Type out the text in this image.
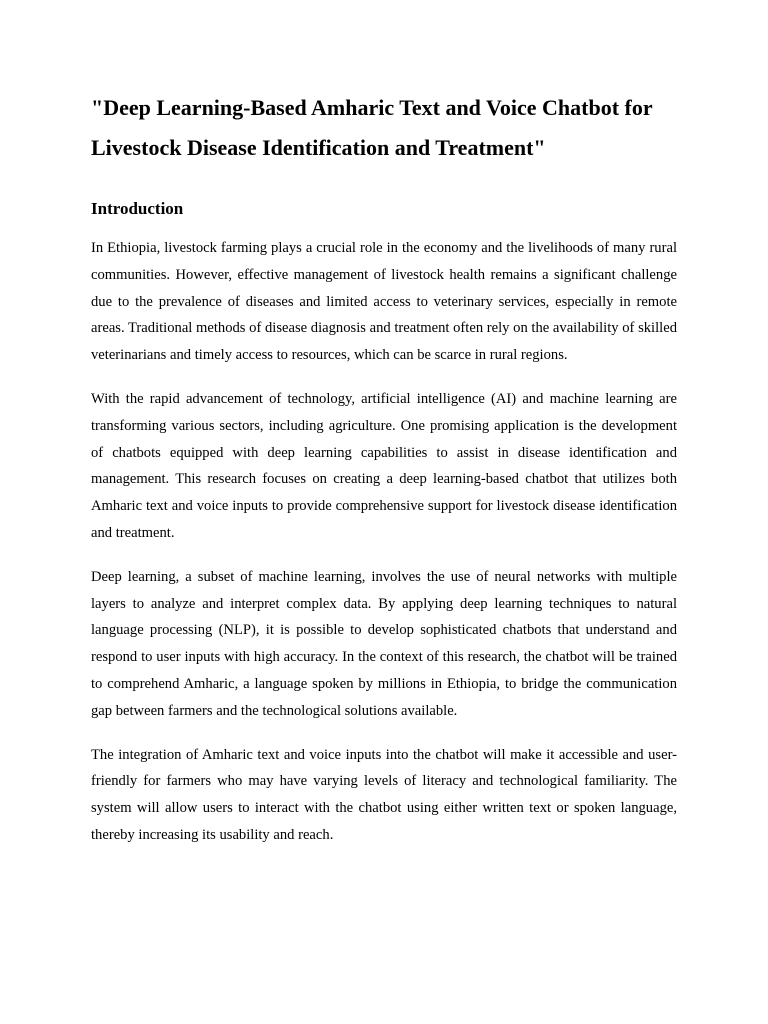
"Deep Learning-Based Amharic Text and Voice Chatbot for Livestock Disease Identification and Treatment"
Introduction

In Ethiopia, livestock farming plays a crucial role in the economy and the livelihoods of many rural communities. However, effective management of livestock health remains a significant challenge due to the prevalence of diseases and limited access to veterinary services, especially in remote areas. Traditional methods of disease diagnosis and treatment often rely on the availability of skilled veterinarians and timely access to resources, which can be scarce in rural regions.

With the rapid advancement of technology, artificial intelligence (AI) and machine learning are transforming various sectors, including agriculture. One promising application is the development of chatbots equipped with deep learning capabilities to assist in disease identification and management. This research focuses on creating a deep learning-based chatbot that utilizes both Amharic text and voice inputs to provide comprehensive support for livestock disease identification and treatment.

Deep learning, a subset of machine learning, involves the use of neural networks with multiple layers to analyze and interpret complex data. By applying deep learning techniques to natural language processing (NLP), it is possible to develop sophisticated chatbots that understand and respond to user inputs with high accuracy. In the context of this research, the chatbot will be trained to comprehend Amharic, a language spoken by millions in Ethiopia, to bridge the communication gap between farmers and the technological solutions available.

The integration of Amharic text and voice inputs into the chatbot will make it accessible and user-friendly for farmers who may have varying levels of literacy and technological familiarity. The system will allow users to interact with the chatbot using either written text or spoken language, thereby increasing its usability and reach.
